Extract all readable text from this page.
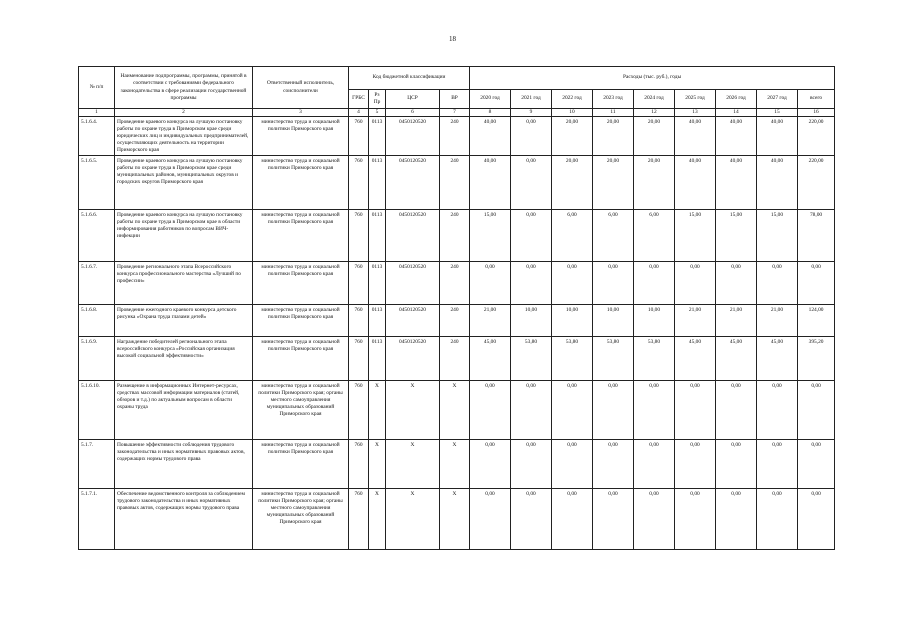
18
№ п/п	Наименование подпрограммы, программы, принятой в соответствии с требованиями федерального законодательства в сфере реализации государственной программы	Ответственный исполнитель, соисполнители	Код бюджетной классификации				Расходы (тыс. руб.), годы								
			ГРБС	Рз Пр	ЦСР	ВР	2020 год	2021 год	2022 год	2023 год	2024 год	2025 год	2026 год	2027 год	всего
1	2	3	4	5	6	7	8	9	10	11	12	13	14	15	16
5.1.6.4.	Проведение краевого конкурса на лучшую постановку работы по охране труда в Приморском крае среди юридических лиц и индивидуальных предпринимателей, осуществляющих деятельность на территории Приморского края	министерство труда и социальной политики Приморского края	760	0113	0450120520	240	40,00	0,00	20,00	20,00	20,00	40,00	40,00	40,00	220,00
5.1.6.5.	Проведение краевого конкурса на лучшую постановку работы по охране труда в Приморском крае среди муниципальных районов, муниципальных округов и городских округов Приморского края	министерство труда и социальной политики Приморского края	760	0113	0450120520	240	40,00	0,00	20,00	20,00	20,00	40,00	40,00	40,00	220,00
5.1.6.6.	Проведение краевого конкурса на лучшую постановку работы по охране труда в Приморском крае в области информирования работников по вопросам ВИЧ-инфекции	министерство труда и социальной политики Приморского края	760	0113	0450120520	240	15,00	0,00	6,00	6,00	6,00	15,00	15,00	15,00	78,00
5.1.6.7.	Проведение регионального этапа Всероссийского конкурса профессионального мастерства «Лучший по профессии»	министерство труда и социальной политики Приморского края	760	0113	0450120520	240	0,00	0,00	0,00	0,00	0,00	0,00	0,00	0,00	0,00
5.1.6.8.	Проведение ежегодного краевого конкурса детского рисунка «Охрана труда глазами детей»	министерство труда и социальной политики Приморского края	760	0113	0450120520	240	21,00	10,00	10,00	10,00	10,00	21,00	21,00	21,00	124,00
5.1.6.9.	Награждение победителей регионального этапа всероссийского конкурса «Российская организация высокой социальной эффективности»	министерство труда и социальной политики Приморского края	760	0113	0450120520	240	45,00	53,80	53,80	53,80	53,80	45,00	45,00	45,00	395,20
5.1.6.10.	Размещение в информационных Интернет-ресурсах, средствах массовой информации материалов (статей, обзоров и т.д.) по актуальным вопросам в области охраны труда	министерство труда и социальной политики Приморского края; органы местного самоуправления муниципальных образований Приморского края	760	X	X	X	0,00	0,00	0,00	0,00	0,00	0,00	0,00	0,00	0,00
5.1.7.	Повышение эффективности соблюдения трудового законодательства и иных нормативных правовых актов, содержащих нормы трудового права	министерство труда и социальной политики Приморского края	760	X	X	X	0,00	0,00	0,00	0,00	0,00	0,00	0,00	0,00	0,00
5.1.7.1.	Обеспечение ведомственного контроля за соблюдением трудового законодательства и иных нормативных правовых актов, содержащих нормы трудового права	министерство труда и социальной политики Приморского края; органы местного самоуправления муниципальных образований Приморского края	760	X	X	X	0,00	0,00	0,00	0,00	0,00	0,00	0,00	0,00	0,00
